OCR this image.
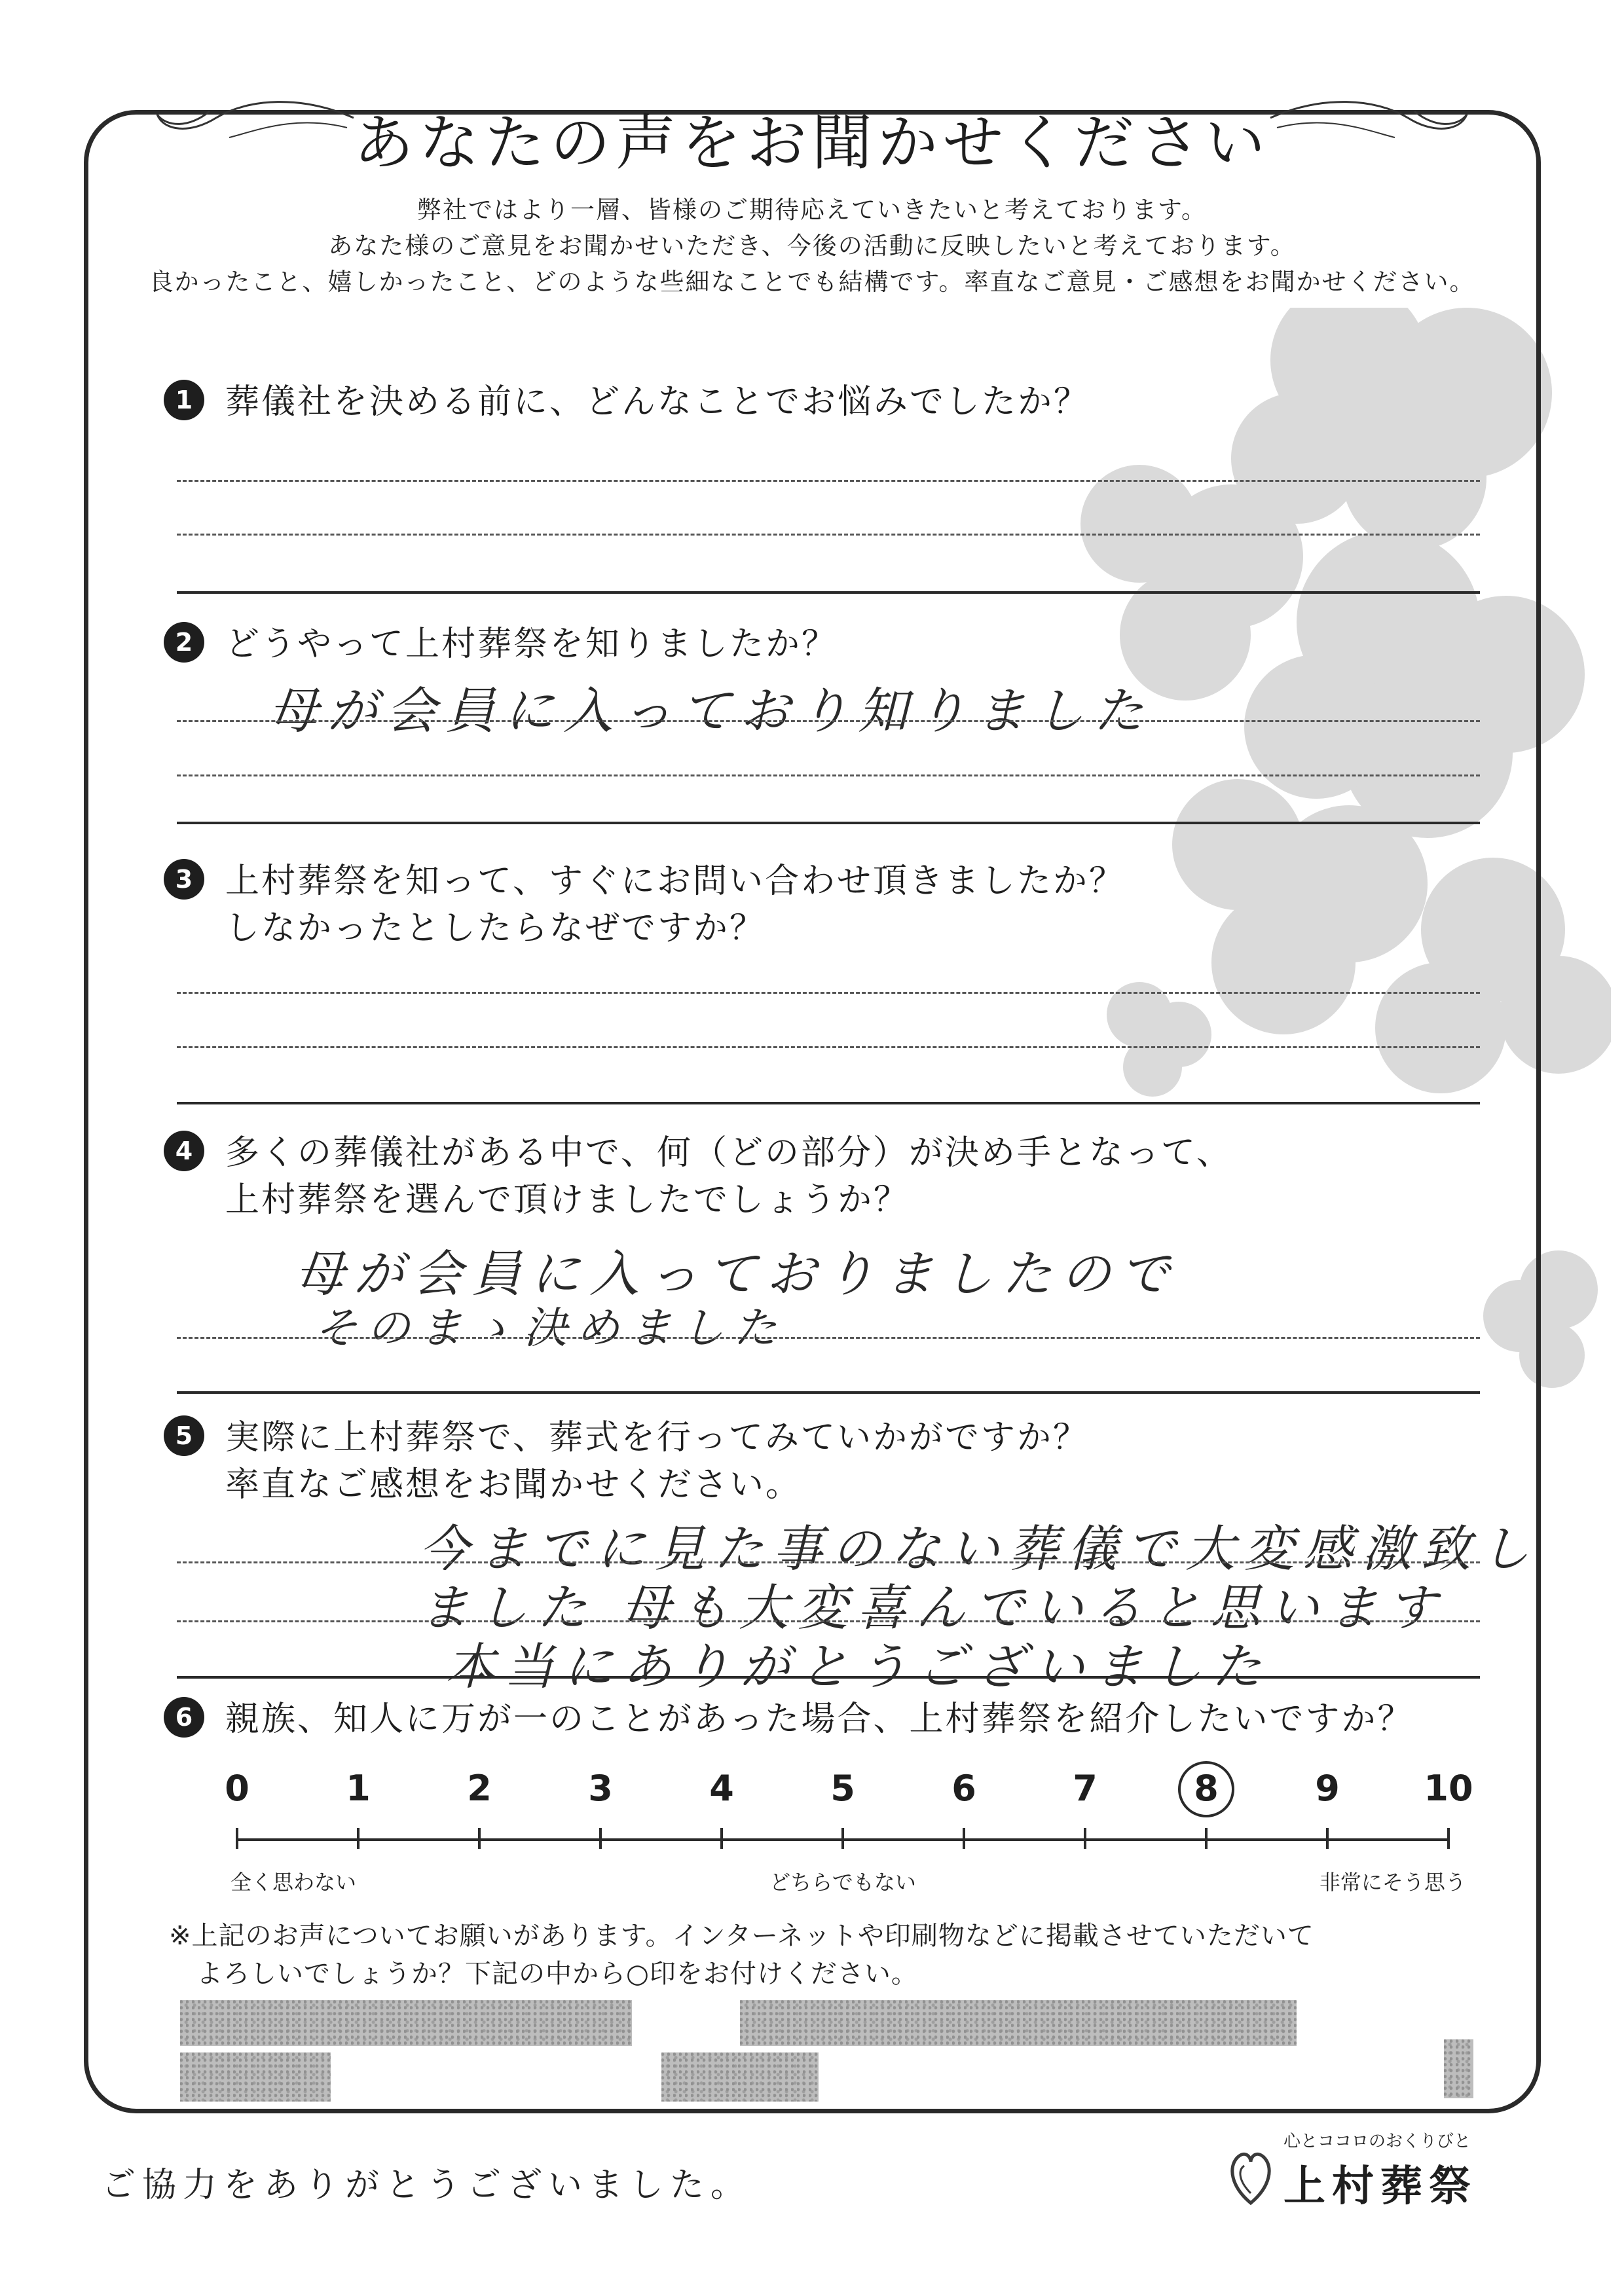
あなたの声をお聞かせください
弊社ではより一層、皆様のご期待応えていきたいと考えております。
あなた様のご意見をお聞かせいただき、今後の活動に反映したいと考えております。
良かったこと、嬉しかったこと、どのような些細なことでも結構です。率直なご意見・ご感想をお聞かせください。
1 葬儀社を決める前に、どんなことでお悩みでしたか？
2 どうやって上村葬祭を知りましたか？
母が会員に入っており知りました
3 上村葬祭を知って、すぐにお問い合わせ頂きましたか？
しなかったとしたらなぜですか？
4 多くの葬儀社がある中で、何（どの部分）が決め手となって、
上村葬祭を選んで頂けましたでしょうか？
母が会員に入っておりましたので
そのまゝ決めました
5 実際に上村葬祭で、葬式を行ってみていかがですか？
率直なご感想をお聞かせください。
今までに見た事のない葬儀で大変感激致し
ました 母も大変喜んでいると思います
本当にありがとうございました
6 親族、知人に万が一のことがあった場合、上村葬祭を紹介したいですか？
全く思わない	どちらでもない	非常にそう思う
0	1	2	3	4	5	6	7	8	9 10
※上記のお声についてお願いがあります。インターネットや印刷物などに掲載させていただいて
よろしいでしょうか？下記の中から○印をお付けください。
ご協力をありがとうございました。
心とココロのおくりびと
上村葬祭
